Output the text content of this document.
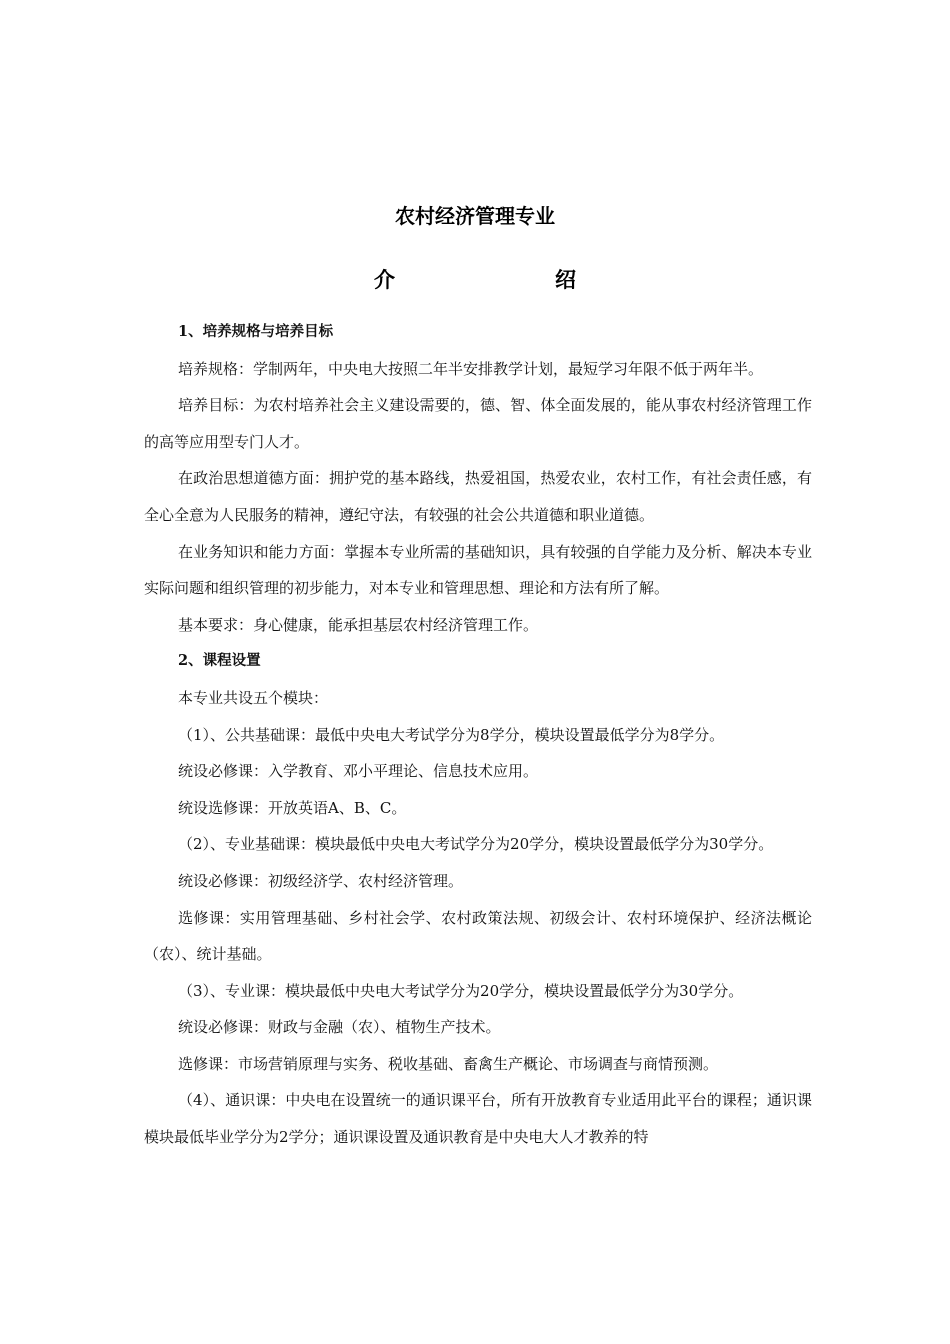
农村经济管理专业
介	绍
1、培养规格与培养目标

培养规格：学制两年，中央电大按照二年半安排教学计划，最短学习年限不低于两年半。

培养目标：为农村培养社会主义建设需要的，德、智、体全面发展的，能从事农村经济管理工作的高等应用型专门人才。

在政治思想道德方面：拥护党的基本路线，热爱祖国，热爱农业，农村工作，有社会责任感，有全心全意为人民服务的精神，遵纪守法，有较强的社会公共道德和职业道德。

在业务知识和能力方面：掌握本专业所需的基础知识，具有较强的自学能力及分析、解决本专业实际问题和组织管理的初步能力，对本专业和管理思想、理论和方法有所了解。

基本要求：身心健康，能承担基层农村经济管理工作。

2、课程设置

本专业共设五个模块：

（1）、公共基础课：最低中央电大考试学分为8学分，模块设置最低学分为8学分。

统设必修课：入学教育、邓小平理论、信息技术应用。

统设选修课：开放英语A、B、C。

（2）、专业基础课：模块最低中央电大考试学分为20学分，模块设置最低学分为30学分。

统设必修课：初级经济学、农村经济管理。

选修课：实用管理基础、乡村社会学、农村政策法规、初级会计、农村环境保护、经济法概论（农）、统计基础。

（3）、专业课：模块最低中央电大考试学分为20学分，模块设置最低学分为30学分。

统设必修课：财政与金融（农）、植物生产技术。

选修课：市场营销原理与实务、税收基础、畜禽生产概论、市场调查与商情预测。

（4）、通识课：中央电在设置统一的通识课平台，所有开放教育专业适用此平台的课程；通识课模块最低毕业学分为2学分；通识课设置及通识教育是中央电大人才教养的特
